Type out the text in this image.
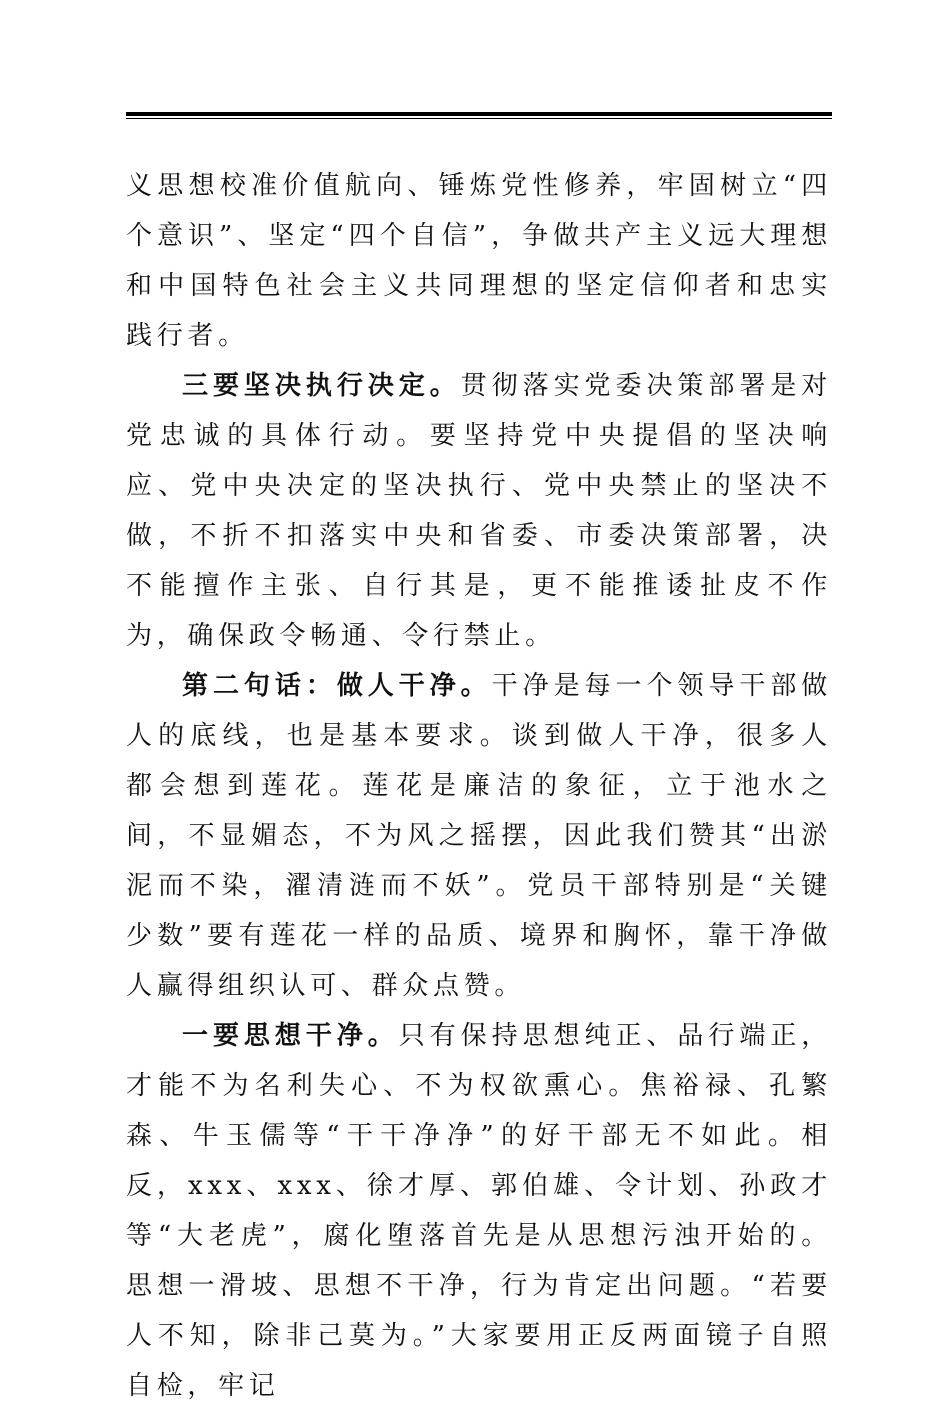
义思想校准价值航向、锤炼党性修养，牢固树立“四个意识”、坚定“四个自信”，争做共产主义远大理想和中国特色社会主义共同理想的坚定信仰者和忠实践行者。

三要坚决执行决定。贯彻落实党委决策部署是对党忠诚的具体行动。要坚持党中央提倡的坚决响应、党中央决定的坚决执行、党中央禁止的坚决不做，不折不扣落实中央和省委、市委决策部署，决不能擅作主张、自行其是，更不能推诿扯皮不作为，确保政令畅通、令行禁止。

第二句话：做人干净。干净是每一个领导干部做人的底线，也是基本要求。谈到做人干净，很多人都会想到莲花。莲花是廉洁的象征，立于池水之间，不显媚态，不为风之摇摆，因此我们赞其“出淤泥而不染，濯清涟而不妖”。党员干部特别是“关键少数”要有莲花一样的品质、境界和胸怀，靠干净做人赢得组织认可、群众点赞。

一要思想干净。只有保持思想纯正、品行端正，才能不为名利失心、不为权欲熏心。焦裕禄、孔繁森、牛玉儒等“干干净净”的好干部无不如此。相反，xxx、xxx、徐才厚、郭伯雄、令计划、孙政才等“大老虎”，腐化堕落首先是从思想污浊开始的。思想一滑坡、思想不干净，行为肯定出问题。“若要人不知，除非己莫为。”大家要用正反两面镜子自照自检，牢记
